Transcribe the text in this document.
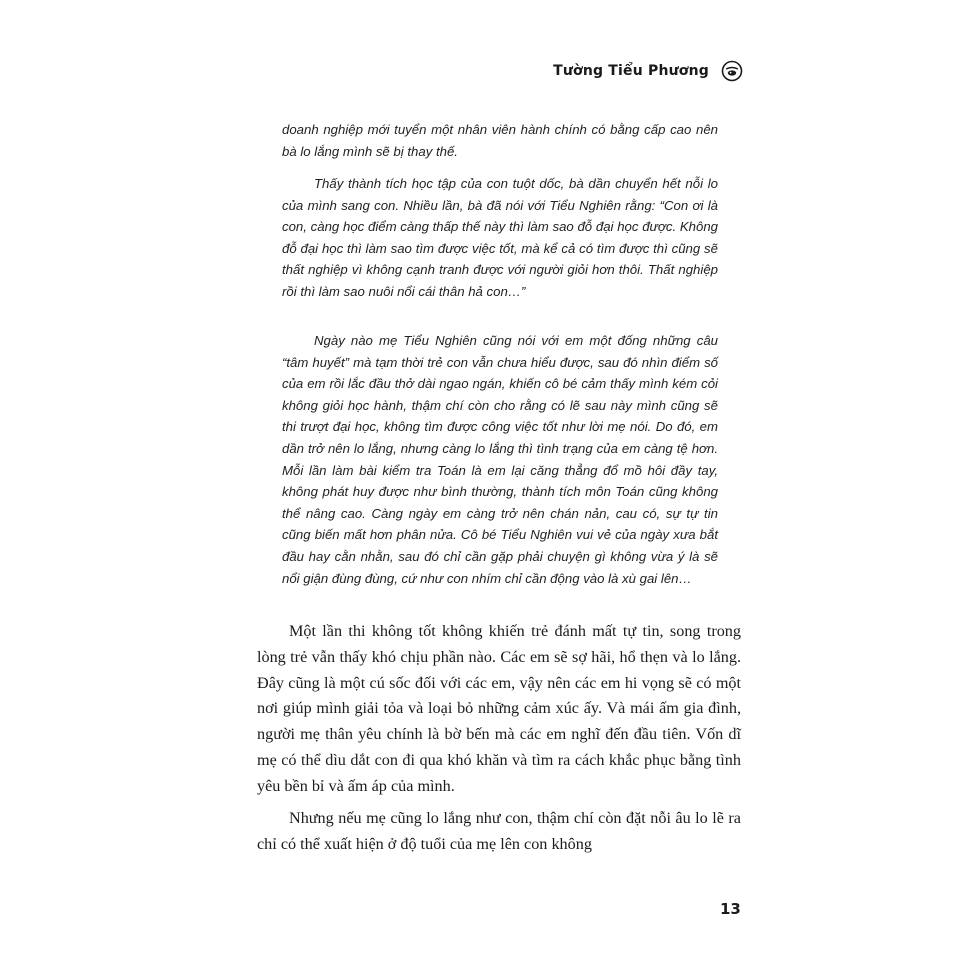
Tường Tiểu Phương

doanh nghiệp mới tuyển một nhân viên hành chính có bằng cấp cao nên bà lo lắng mình sẽ bị thay thế.

Thấy thành tích học tập của con tuột dốc, bà dần chuyển hết nỗi lo của mình sang con. Nhiều lần, bà đã nói với Tiểu Nghiên rằng: “Con ơi là con, càng học điểm càng thấp thế này thì làm sao đỗ đại học được. Không đỗ đại học thì làm sao tìm được việc tốt, mà kể cả có tìm được thì cũng sẽ thất nghiệp vì không cạnh tranh được với người giỏi hơn thôi. Thất nghiệp rồi thì làm sao nuôi nổi cái thân hả con…”

Ngày nào mẹ Tiểu Nghiên cũng nói với em một đống những câu “tâm huyết” mà tạm thời trẻ con vẫn chưa hiểu được, sau đó nhìn điểm số của em rồi lắc đầu thở dài ngao ngán, khiến cô bé cảm thấy mình kém cỏi không giỏi học hành, thậm chí còn cho rằng có lẽ sau này mình cũng sẽ thi trượt đại học, không tìm được công việc tốt như lời mẹ nói. Do đó, em dần trở nên lo lắng, nhưng càng lo lắng thì tình trạng của em càng tệ hơn. Mỗi lần làm bài kiểm tra Toán là em lại căng thẳng đổ mồ hôi đầy tay, không phát huy được như bình thường, thành tích môn Toán cũng không thể nâng cao. Càng ngày em càng trở nên chán nản, cau có, sự tự tin cũng biến mất hơn phân nửa. Cô bé Tiểu Nghiên vui vẻ của ngày xưa bắt đầu hay cằn nhằn, sau đó chỉ cần gặp phải chuyện gì không vừa ý là sẽ nổi giận đùng đùng, cứ như con nhím chỉ cần động vào là xù gai lên…

Một lần thi không tốt không khiến trẻ đánh mất tự tin, song trong lòng trẻ vẫn thấy khó chịu phần nào. Các em sẽ sợ hãi, hổ thẹn và lo lắng. Đây cũng là một cú sốc đối với các em, vậy nên các em hi vọng sẽ có một nơi giúp mình giải tỏa và loại bỏ những cảm xúc ấy. Và mái ấm gia đình, người mẹ thân yêu chính là bờ bến mà các em nghĩ đến đầu tiên. Vốn dĩ mẹ có thể dìu dắt con đi qua khó khăn và tìm ra cách khắc phục bằng tình yêu bền bỉ và ấm áp của mình.

Nhưng nếu mẹ cũng lo lắng như con, thậm chí còn đặt nỗi âu lo lẽ ra chỉ có thể xuất hiện ở độ tuổi của mẹ lên con không

13
